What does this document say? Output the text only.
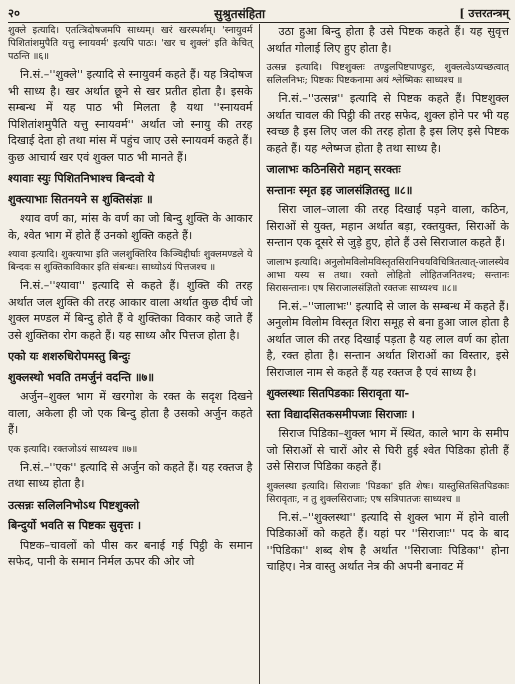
२०	सुश्रुतसंहिता	[ उत्तरतन्त्रम्

शुक्ले इत्यादि। एतत्त्रिदोषजमपि साध्यम्। खरं खरस्पर्शम्। 'स्नायुवर्म पिशितांशमुपैति यत्तु स्नायवर्म' इत्यपि पाठः। 'खर च शुक्लं' इति केचित् पठन्ति ॥६॥

नि.सं.–''शुक्ले'' इत्यादि से स्नायुवर्म कहते हैं। यह त्रिदोषज भी साध्य है। खर अर्थात छूने से खर प्रतीत होता है। इसके सम्बन्ध में यह पाठ भी मिलता है यथा ''स्नायवर्म पिशितांशमुपैति यत्तु स्नायवर्म'' अर्थात जो स्नायु की तरह दिखाई देता हो तथा मांस में पहुंच जाए उसे स्नायवर्म कहते हैं। कुछ आचार्य खर एवं शुक्ल पाठ भी मानते हैं।

श्यावाः स्युः पिशितनिभाश्च बिन्दवो ये

शुक्त्याभाः सितनयने स शुक्तिसंज्ञः ॥

श्याव वर्ण का, मांस के वर्ण का जो बिन्दु शुक्ति के आकार के, श्वेत भाग में होते हैं उनको शुक्ति कहते हैं।

श्यावा इत्यादि। शुक्त्याभा इति जलशुक्तिरिव किञ्चिद्दीर्घाः शुक्लमण्डले ये बिन्दवः स शुक्तिकाविकार इति संबन्धः। साध्योऽयं पित्तजश्च ॥

नि.सं.–''श्यावा'' इत्यादि से कहते हैं। शुक्ति की तरह अर्थात जल शुक्ति की तरह आकार वाला अर्थात कुछ दीर्घ जो शुक्ल मण्डल में बिन्दु होते हैं वे शुक्तिका विकार कहे जाते हैं उसे शुक्तिका रोग कहते हैं। यह साध्य और पित्तज होता है।

एको यः शशरुधिरोपमस्तु बिन्दुः

शुक्लस्थो भवति तमर्जुनं वदन्ति ॥७॥

अर्जुन–शुक्ल भाग में खरगोश के रक्त के सदृश दिखने वाला, अकेला ही जो एक बिन्दु होता है उसको अर्जुन कहते हैं।

एक इत्यादि। रक्तजोऽयं साध्यश्च ॥७॥

नि.सं.–''एक'' इत्यादि से अर्जुन को कहते हैं। यह रक्तज है तथा साध्य होता है।

उत्सन्नः सलिलनिभोऽथ पिष्टशुक्लो

बिन्दुर्यो भवति स पिष्टकः सुवृत्तः ।

पिष्टक–चावलों को पीस कर बनाई गई पिट्ठी के समान सफेद, पानी के समान निर्मल ऊपर की ओर जो

उठा हुआ बिन्दु होता है उसे पिष्टक कहते हैं। यह सुवृत्त अर्थात गोलाई लिए हुए होता है।

उत्सन्न इत्यादि। पिष्टशुक्लः तण्डुलपिष्टपाण्डुरः, शुक्लत्वेऽप्यच्छत्वात् सलिलनिभः; पिष्टकः पिष्टकनामा अयं श्लेष्मिकः साध्यश्च ॥

नि.सं.–''उत्सन्न'' इत्यादि से पिष्टक कहते हैं। पिष्टशुक्ल अर्थात चावल की पिट्ठी की तरह सफेद, शुक्ल होने पर भी यह स्वच्छ है इस लिए जल की तरह होता है इस लिए इसे पिष्टक कहते हैं। यह श्लेष्मज होता है तथा साध्य है।

जालाभः कठिनसिरो महान् सरक्तः

सन्तानः स्मृत इह जालसंज्ञितस्तु ॥८॥

सिरा जाल–जाला की तरह दिखाई पड़ने वाला, कठिन, सिराओं से युक्त, महान अर्थात बड़ा, रक्तयुक्त, सिराओं के सन्तान एक दूसरे से जुड़े हुए, होते हैं उसे सिराजाल कहते हैं।

जालाभ इत्यादि। अनुलोमविलोमविस्तृतसिरानिचयविचित्रितत्वात्-जालस्येव आभा यस्य स तथा। रक्तो लोहितो लोहितजनितश्च; सन्तानः सिरासन्तानः। एष सिराजालसंज्ञितो रक्तजः साध्यश्च ॥८॥

नि.सं.–''जालाभः'' इत्यादि से जाल के सम्बन्ध में कहते हैं। अनुलोम विलोम विस्तृत शिरा समूह से बना हुआ जाल होता है अर्थात जाल की तरह दिखाई पड़ता है यह लाल वर्ण का होता है, रक्त होता है। सन्तान अर्थात शिराओं का विस्तार, इसे सिराजाल नाम से कहते हैं यह रक्तज है एवं साध्य है।

शुक्लस्थाः सितपिडकाः सिरावृता या-

स्ता विद्यादसितकसमीपजाः सिराजाः ।

सिराज पिडिका–शुक्ल भाग में स्थित, काले भाग के समीप जो सिराओं से चारों ओर से घिरी हुई श्वेत पिडिका होती हैं उसे सिराज पिडिका कहते हैं।

शुक्लस्था इत्यादि। सिराजाः 'पिडका' इति शेषः। यास्तुसितसितपिडकाः सिरावृताः, न तु शुक्लसिराजाः; एष सत्रिपातजः साध्यश्च ॥

नि.सं.–''शुक्लस्था'' इत्यादि से शुक्ल भाग में होने वाली पिडिकाओं को कहते हैं। यहां पर ''सिराजाः'' पद के बाद ''पिडिका'' शब्द शेष है अर्थात ''सिराजाः पिडिका'' होना चाहिए। नेत्र वास्तु अर्थात नेत्र की अपनी बनावट में
